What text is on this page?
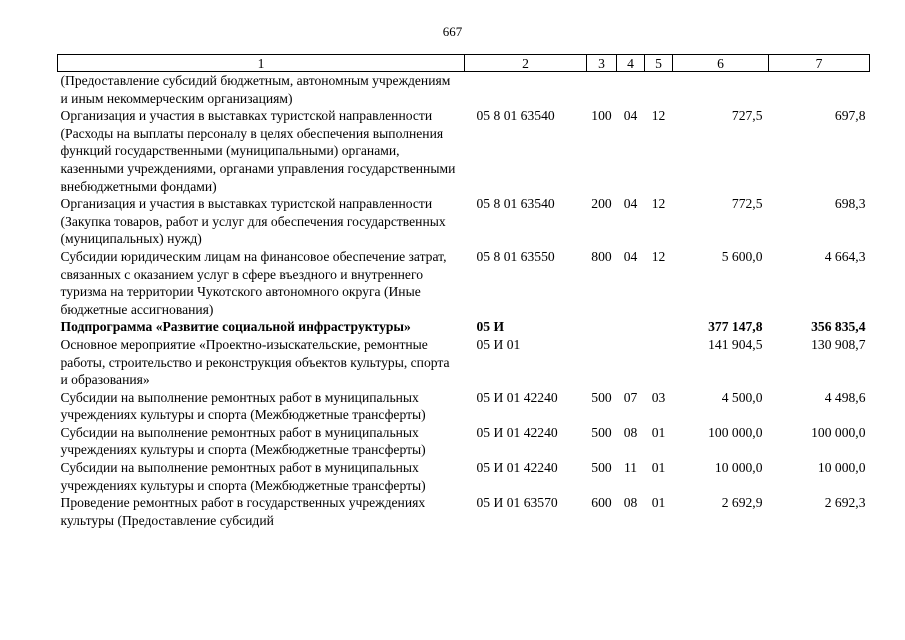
667
1	2	3	4	5	6	7
(Предоставление субсидий бюджетным, автономным учреждениям и иным некоммерческим организациям)						
Организация и участия в выставках туристской направленности (Расходы на выплаты персоналу в целях обеспечения выполнения функций государственными (муниципальными) органами, казенными учреждениями, органами управления государственными внебюджетными фондами)	05 8 01 63540	100	04	12	727,5	697,8
Организация и участия в выставках туристской направленности (Закупка товаров, работ и услуг для обеспечения государственных (муниципальных) нужд)	05 8 01 63540	200	04	12	772,5	698,3
Субсидии юридическим лицам на финансовое обеспечение затрат, связанных с оказанием услуг в сфере въездного и внутреннего туризма на территории Чукотского автономного округа (Иные бюджетные ассигнования)	05 8 01 63550	800	04	12	5 600,0	4 664,3
Подпрограмма «Развитие социальной инфраструктуры»	05 И				377 147,8	356 835,4
Основное мероприятие «Проектно-изыскательские, ремонтные работы, строительство и реконструкция объектов культуры, спорта и образования»	05 И 01				141 904,5	130 908,7
Субсидии на выполнение ремонтных работ в муниципальных учреждениях культуры и спорта (Межбюджетные трансферты)	05 И 01 42240	500	07	03	4 500,0	4 498,6
Субсидии на выполнение ремонтных работ в муниципальных учреждениях культуры и спорта (Межбюджетные трансферты)	05 И 01 42240	500	08	01	100 000,0	100 000,0
Субсидии на выполнение ремонтных работ в муниципальных учреждениях культуры и спорта (Межбюджетные трансферты)	05 И 01 42240	500	11	01	10 000,0	10 000,0
Проведение ремонтных работ в государственных учреждениях культуры (Предоставление субсидий	05 И 01 63570	600	08	01	2 692,9	2 692,3
